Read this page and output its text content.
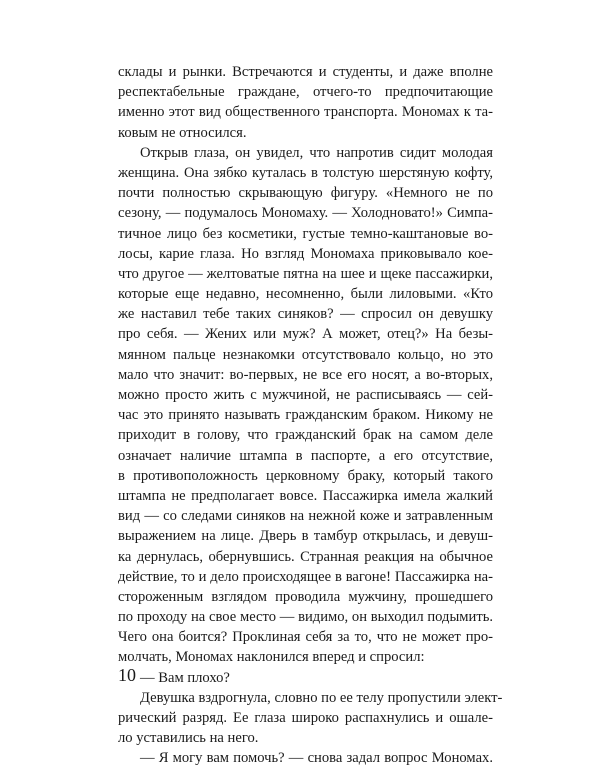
склады и рынки. Встречаются и студенты, и даже вполне
респектабельные граждане, отчего-то предпочитающие
именно этот вид общественного транспорта. Мономах к та-
ковым не относился.
Открыв глаза, он увидел, что напротив сидит молодая
женщина. Она зябко куталась в толстую шерстяную кофту,
почти полностью скрывающую фигуру. «Немного не по
сезону, — подумалось Мономаху. — Холодновато!» Симпа-
тичное лицо без косметики, густые темно-каштановые во-
лосы, карие глаза. Но взгляд Мономаха приковывало кое-
что другое — желтоватые пятна на шее и щеке пассажирки,
которые еще недавно, несомненно, были лиловыми. «Кто
же наставил тебе таких синяков? — спросил он девушку
про себя. — Жених или муж? А может, отец?» На безы-
мянном пальце незнакомки отсутствовало кольцо, но это
мало что значит: во-первых, не все его носят, а во-вторых,
можно просто жить с мужчиной, не расписываясь — сей-
час это принято называть гражданским браком. Никому не
приходит в голову, что гражданский брак на самом деле
означает наличие штампа в паспорте, а его отсутствие,
в противоположность церковному браку, который такого
штампа не предполагает вовсе. Пассажирка имела жалкий
вид — со следами синяков на нежной коже и затравленным
выражением на лице. Дверь в тамбур открылась, и девуш-
ка дернулась, обернувшись. Странная реакция на обычное
действие, то и дело происходящее в вагоне! Пассажирка на-
стороженным взглядом проводила мужчину, прошедшего
по проходу на свое место — видимо, он выходил подымить.
Чего она боится? Проклиная себя за то, что не может про-
молчать, Мономах наклонился вперед и спросил:
— Вам плохо?
Девушка вздрогнула, словно по ее телу пропустили элект-
рический разряд. Ее глаза широко распахнулись и ошале-
ло уставились на него.
— Я могу вам помочь? — снова задал вопрос Мономах.
10
